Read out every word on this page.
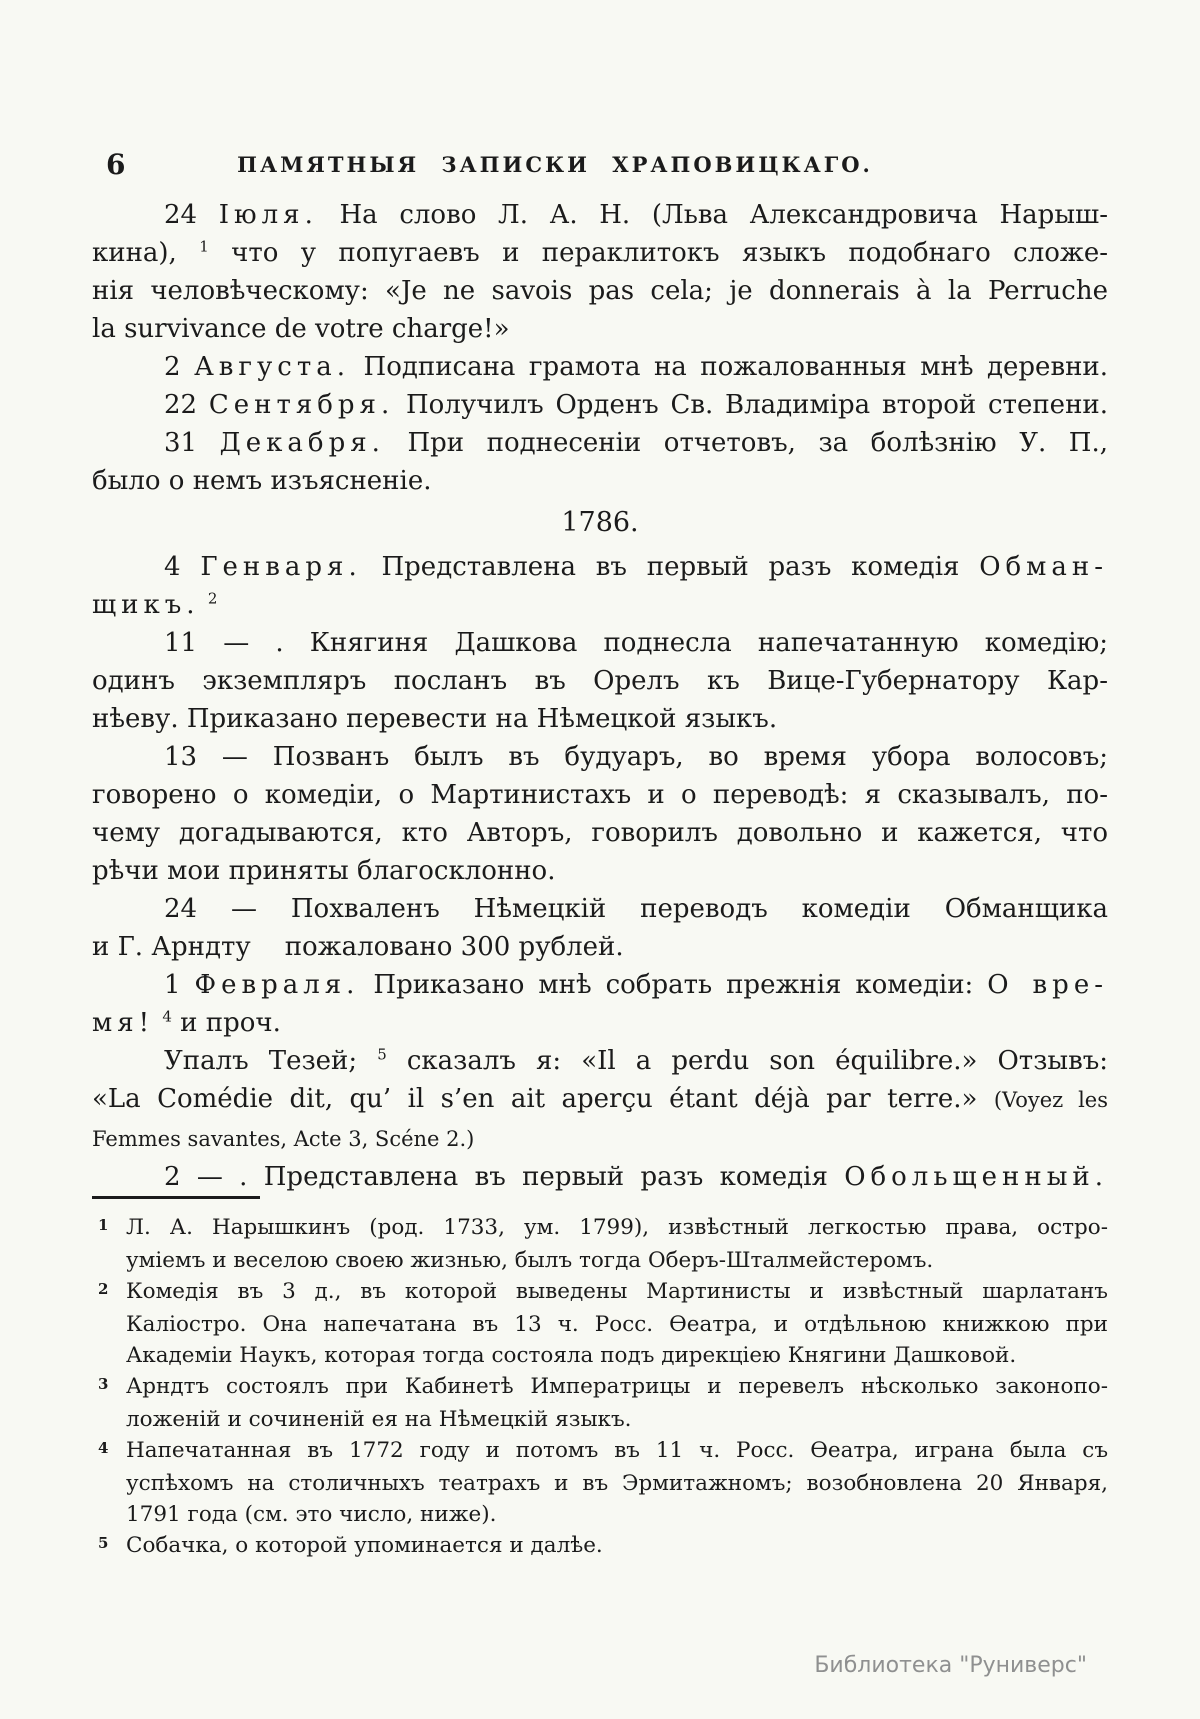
6	ПАМЯТНЫЯ ЗАПИСКИ ХРАПОВИЦКАГО.
24 Іюля. На слово Л. А. Н. (Льва Александровича Нарыш-
кина), $^1$ что у попугаевъ и пераклитокъ языкъ подобнаго сложе-
нія человѣческому: «Je ne savois pas cela; je donnerais à la Perruche
la survivance de votre charge!»
2 Августа. Подписана грамота на пожалованныя мнѣ деревни.
22 Сентября. Получилъ Орденъ Св. Владиміра второй степени.
31 Декабря. При поднесеніи отчетовъ, за болѣзнію У. П.,
было о немъ изъясненіе.
1786.
4 Генваря. Представлена въ первый разъ комедія Обман-
щикъ. $^2$
11 — . Княгиня Дашкова поднесла напечатанную комедію;
одинъ экземпляръ посланъ въ Орелъ къ Вице-Губернатору Кар-
нѣеву. Приказано перевести на Нѣмецкой языкъ.
13 — Позванъ былъ въ будуаръ, во время убора волосовъ;
говорено о комедіи, о Мартинистахъ и о переводѣ: я сказывалъ, по-
чему догадываются, кто Авторъ, говорилъ довольно и кажется, что
рѣчи мои приняты благосклонно.
24 — Похваленъ Нѣмецкій переводъ комедіи Обманщика
и Г. Арндту пожаловано 300 рублей.
1 Февраля. Приказано мнѣ собрать прежнія комедіи: О вре-
мя! $^4$ и проч.
Упалъ Тезей; $^5$ сказалъ я: «Il a perdu son équilibre.» Отзывъ:
«La Comédie dit, qu’ il s’en ait aperçu étant déjà par terre.» (Voyez les
Femmes savantes, Acte 3, Scéne 2.)
2 — . Представлена въ первый разъ комедія Обольщенный.
1 Л. А. Нарышкинъ (род. 1733, ум. 1799), извѣстный легкостью права, остро-
уміемъ и веселою своею жизнью, былъ тогда Оберъ-Шталмейстеромъ.
2 Комедія въ 3 д., въ которой выведены Мартинисты и извѣстный шарлатанъ
Каліостро. Она напечатана въ 13 ч. Росс. Ѳеатра, и отдѣльною книжкою при
Академіи Наукъ, которая тогда состояла подъ дирекціею Княгини Дашковой.
3 Арндтъ состоялъ при Кабинетѣ Императрицы и перевелъ нѣсколько законопо-
ложеній и сочиненій ея на Нѣмецкій языкъ.
4 Напечатанная въ 1772 году и потомъ въ 11 ч. Росс. Ѳеатра, играна была съ
успѣхомъ на столичныхъ театрахъ и въ Эрмитажномъ; возобновлена 20 Января,
1791 года (см. это число, ниже).
5 Собачка, о которой упоминается и далѣе.
Библиотека "Руниверс"
